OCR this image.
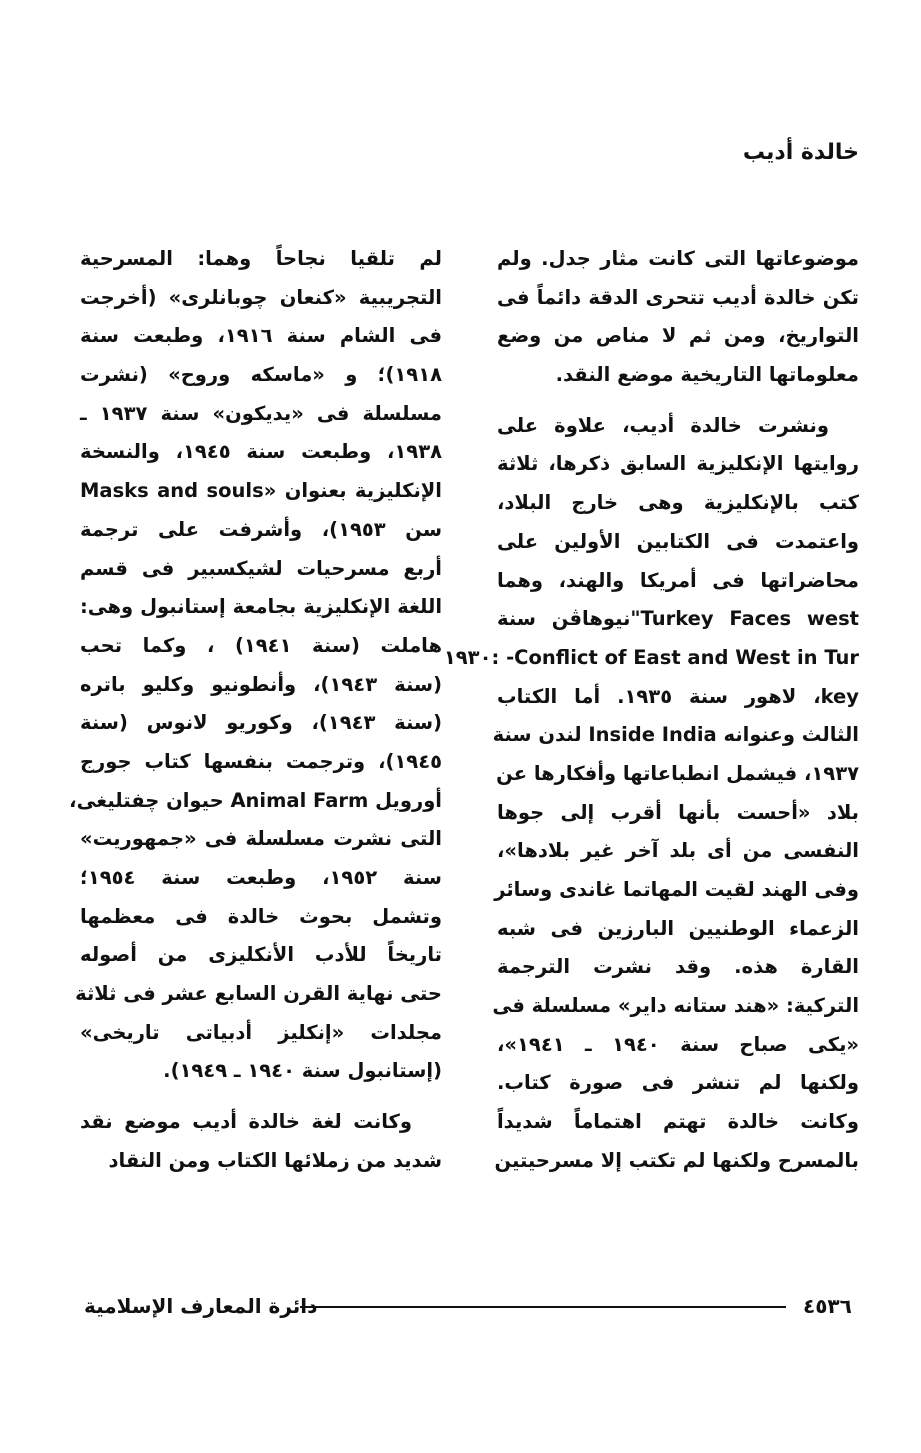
خالدة أديب
موضوعاتها التى كانت مثار جدل. ولم
تكن خالدة أديب تتحرى الدقة دائماً فى
التواريخ، ومن ثم لا مناص من وضع
معلوماتها التاريخية موضع النقد.
ونشرت خالدة أديب، علاوة على
روايتها الإنكليزية السابق ذكرها، ثلاثة
كتب بالإنكليزية وهى خارج البلاد،
واعتمدت فى الكتابين الأولين على
محاضراتها فى أمريكا والهند، وهما
Turkey Faces west"نيوهاڤن سنة
Conflict of East and West in Tur- :١٩٣٠
key، لاهور سنة ١٩٣٥. أما الكتاب
الثالث وعنوانه Inside India لندن سنة
١٩٣٧، فيشمل انطباعاتها وأفكارها عن
بلاد «أحست بأنها أقرب إلى جوها
النفسى من أى بلد آخر غير بلادها»،
وفى الهند لقيت المهاتما غاندى وسائر
الزعماء الوطنيين البارزين فى شبه
القارة هذه. وقد نشرت الترجمة
التركية: «هند ستانه داير» مسلسلة فى
«يكى صباح سنة ١٩٤٠ ـ ١٩٤١»،
ولكنها لم تنشر فى صورة كتاب.
وكانت خالدة تهتم اهتماماً شديداً
بالمسرح ولكنها لم تكتب إلا مسرحيتين
لم تلقيا نجاحاً وهما: المسرحية
التجريبية «كنعان چوبانلرى» (أخرجت
فى الشام سنة ١٩١٦، وطبعت سنة
١٩١٨)؛ و «ماسكه وروح» (نشرت
مسلسلة فى «يديكون» سنة ١٩٣٧ ـ
١٩٣٨، وطبعت سنة ١٩٤٥، والنسخة
الإنكليزية بعنوان «Masks and souls
سن ١٩٥٣)، وأشرفت على ترجمة
أربع مسرحيات لشيكسبير فى قسم
اللغة الإنكليزية بجامعة إستانبول وهى:
هاملت (سنة ١٩٤١) ، وكما تحب
(سنة ١٩٤٣)، وأنطونيو وكليو باتره
(سنة ١٩٤٣)، وكوريو لانوس (سنة
١٩٤٥)، وترجمت بنفسها كتاب جورج
أورويل Animal Farm حيوان چفتليغى،
التى نشرت مسلسلة فى «جمهوريت»
سنة ١٩٥٢، وطبعت سنة ١٩٥٤؛
وتشمل بحوث خالدة فى معظمها
تاريخاً للأدب الأنكليزى من أصوله
حتى نهاية القرن السابع عشر فى ثلاثة
مجلدات «إنكليز أدبياتى تاريخى»
(إستانبول سنة ١٩٤٠ ـ ١٩٤٩).
وكانت لغة خالدة أديب موضع نقد
شديد من زملائها الكتاب ومن النقاد
٤٥٣٦
دائرة المعارف الإسلامية
